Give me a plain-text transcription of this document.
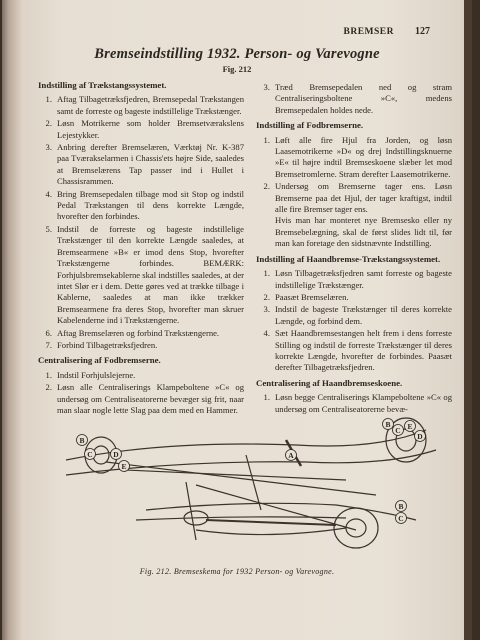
BREMSER 127
Bremseindstilling 1932. Person- og Varevogne
Fig. 212
Indstilling af Trækstangssystemet.
1. Aftag Tilbagetræksfjedren, Bremsepedal Trækstangen samt de forreste og bageste indstillelige Trækstænger.
2. Løsn Motrikerne som holder Bremsetværakslens Lejestykker.
3. Anbring derefter Bremselæren, Værktøj Nr. K-387 paa Tværakselarmen i Chassis'ets højre Side, saaledes at Bremselærens Tap passer ind i Hullet i Chassisrammen.
4. Bring Bremsepedalen tilbage mod sit Stop og indstil Pedal Trækstangen til dens korrekte Længde, hvorefter den forbindes.
5. Indstil de forreste og bageste indstillelige Trækstænger til den korrekte Længde saaledes, at Bremsearmene »B« er imod dens Stop, hvorefter Trækstængerne forbindes. BEMÆRK: Forhjulsbremsekablerne skal indstilles saaledes, at der intet Slør er i dem. Dette gøres ved at trække tilbage i Kablerne, saaledes at man ikke trækker Bremsearmene fra deres Stop, hvorefter man skruer Kabelenderne ind i Trækstængerne.
6. Aftag Bremselæren og forbind Trækstængerne.
7. Forbind Tilbagetræksfjedren.
Centralisering af Fodbremserne.
1. Indstil Forhjulslejerne.
2. Løsn alle Centraliserings Klampeboltene »C« og undersøg om Centraliseatorerne bevæger sig frit, naar man slaar nogle lette Slag paa dem med en Hammer.
3. Træd Bremsepedalen ned og stram Centraliseringsboltene »C«, medens Bremsepedalen holdes nede.
Indstilling af Fodbremserne.
1. Løft alle fire Hjul fra Jorden, og løsn Laasemotrikerne »D« og drej Indstillingsknuerne »E« til højre indtil Bremseskoene slæber let mod Bremsetromlerne. Stram derefter Laasemotrikerne.
2. Undersøg om Bremserne tager ens. Løsn Bremserne paa det Hjul, der tager kraftigst, indtil alle fire Bremser tager ens.
Hvis man har monteret nye Bremsesko eller ny Bremsebelægning, skal de først slides lidt til, før man kan foretage den sidstnævnte Indstilling.
Indstilling af Haandbremse-Trækstangssystemet.
1. Løsn Tilbagetræksfjedren samt forreste og bageste indstillelige Trækstænger.
2. Paasæt Bremselæren.
3. Indstil de bageste Trækstænger til deres korrekte Længde, og forbind dem.
4. Sæt Haandbremsestangen helt frem i dens forreste Stilling og indstil de forreste Trækstænger til deres korrekte Længde, hvorefter de forbindes. Paasæt derefter Tilbagetræksfjedren.
Centralisering af Haandbremseskoene.
1. Løsn begge Centraliserings Klampeboltene »C« og undersøg om Centraliseatorerne bevæ-
B
C	D
E
A
B
C E
D
B
C
Fig. 212. Bremseskema for 1932 Person- og Varevogne.
